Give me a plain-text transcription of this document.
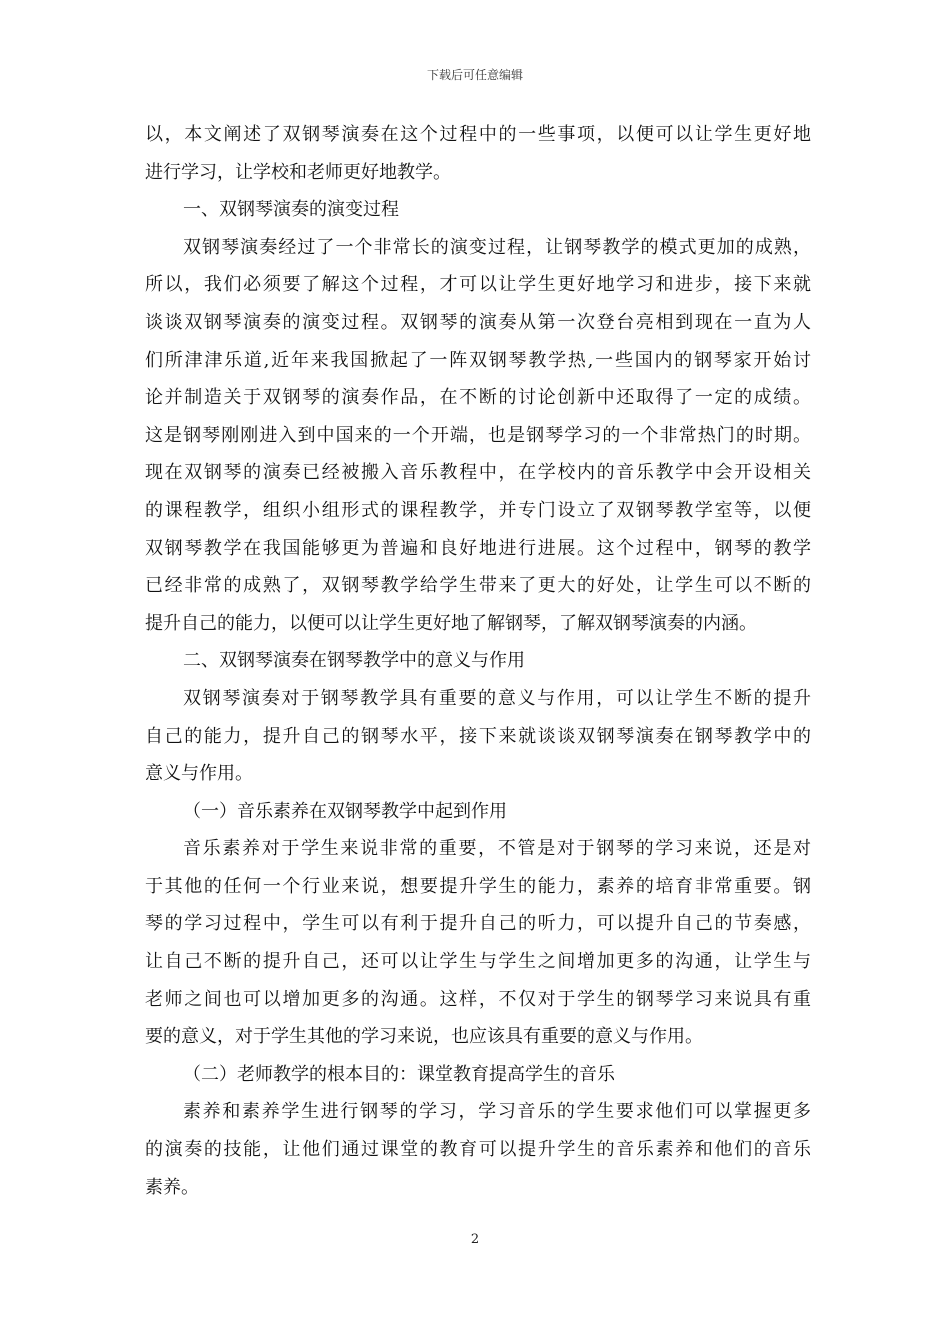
下载后可任意编辑
以，本文阐述了双钢琴演奏在这个过程中的一些事项，以便可以让学生更好地
进行学习，让学校和老师更好地教学。
一、双钢琴演奏的演变过程
双钢琴演奏经过了一个非常长的演变过程，让钢琴教学的模式更加的成熟，
所以，我们必须要了解这个过程，才可以让学生更好地学习和进步，接下来就
谈谈双钢琴演奏的演变过程。双钢琴的演奏从第一次登台亮相到现在一直为人
们所津津乐道,近年来我国掀起了一阵双钢琴教学热,一些国内的钢琴家开始讨
论并制造关于双钢琴的演奏作品，在不断的讨论创新中还取得了一定的成绩。
这是钢琴刚刚进入到中国来的一个开端，也是钢琴学习的一个非常热门的时期。
现在双钢琴的演奏已经被搬入音乐教程中，在学校内的音乐教学中会开设相关
的课程教学，组织小组形式的课程教学，并专门设立了双钢琴教学室等，以便
双钢琴教学在我国能够更为普遍和良好地进行进展。这个过程中，钢琴的教学
已经非常的成熟了，双钢琴教学给学生带来了更大的好处，让学生可以不断的
提升自己的能力，以便可以让学生更好地了解钢琴，了解双钢琴演奏的内涵。
二、双钢琴演奏在钢琴教学中的意义与作用
双钢琴演奏对于钢琴教学具有重要的意义与作用，可以让学生不断的提升
自己的能力，提升自己的钢琴水平，接下来就谈谈双钢琴演奏在钢琴教学中的
意义与作用。
（一）音乐素养在双钢琴教学中起到作用
音乐素养对于学生来说非常的重要，不管是对于钢琴的学习来说，还是对
于其他的任何一个行业来说，想要提升学生的能力，素养的培育非常重要。钢
琴的学习过程中，学生可以有利于提升自己的听力，可以提升自己的节奏感，
让自己不断的提升自己，还可以让学生与学生之间增加更多的沟通，让学生与
老师之间也可以增加更多的沟通。这样，不仅对于学生的钢琴学习来说具有重
要的意义，对于学生其他的学习来说，也应该具有重要的意义与作用。
（二）老师教学的根本目的：课堂教育提高学生的音乐
素养和素养学生进行钢琴的学习，学习音乐的学生要求他们可以掌握更多
的演奏的技能，让他们通过课堂的教育可以提升学生的音乐素养和他们的音乐
素养。
2
